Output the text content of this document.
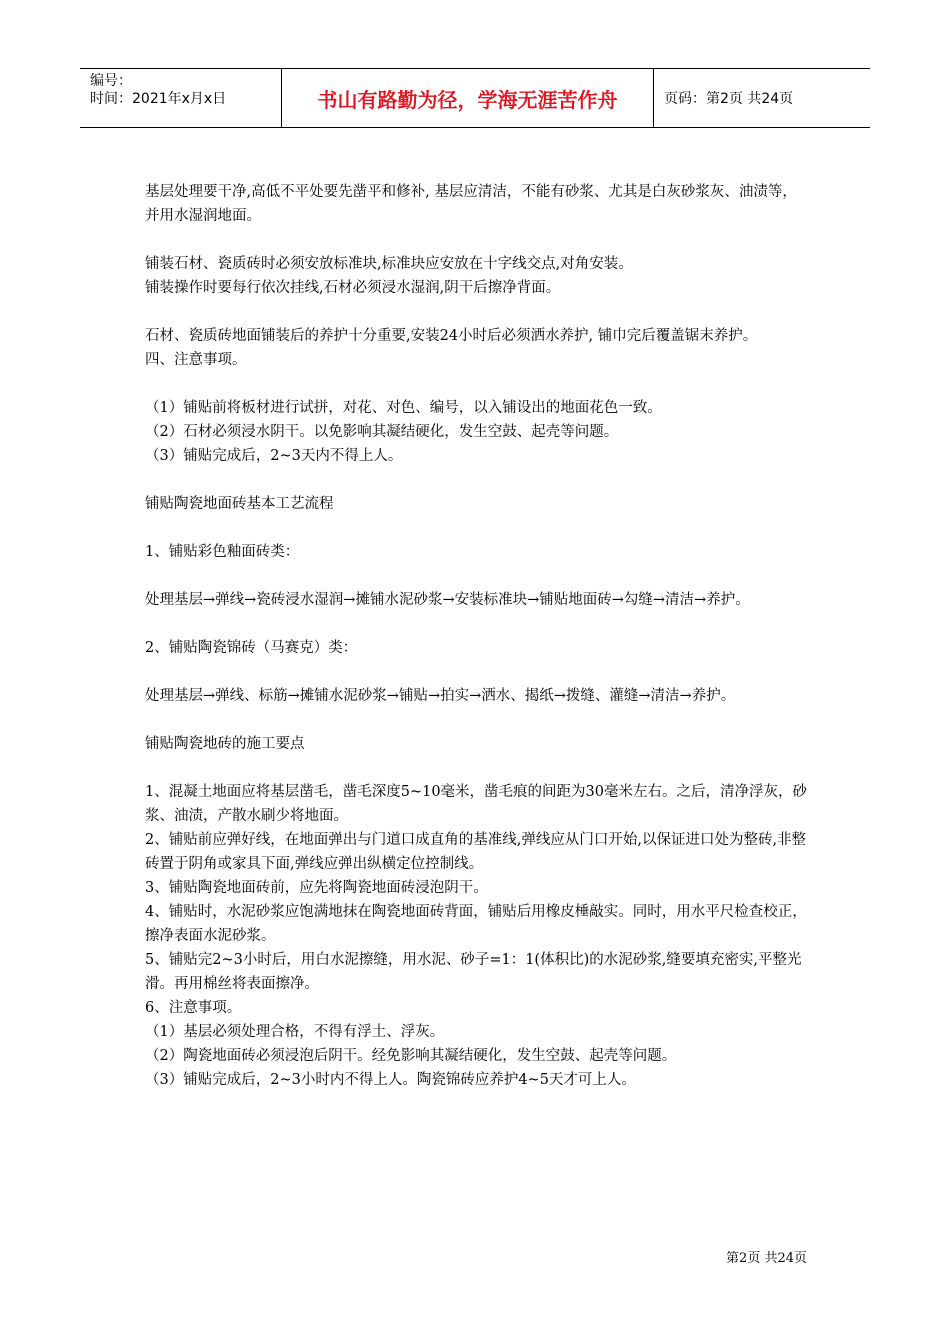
编号：
时间：2021年x月x日	书山有路勤为径，学海无涯苦作舟	页码：第2页 共24页

基层处理要干净,高低不平处要先凿平和修补, 基层应清洁，不能有砂浆、尤其是白灰砂浆灰、油渍等，并用水湿润地面。

铺装石材、瓷质砖时必须安放标准块,标准块应安放在十字线交点,对角安装。

铺装操作时要每行依次挂线,石材必须浸水湿润,阴干后擦净背面。

石材、瓷质砖地面铺装后的养护十分重要,安装24小时后必须洒水养护, 铺巾完后覆盖锯末养护。

四、注意事项。

（1）铺贴前将板材进行试拼，对花、对色、编号，以入铺设出的地面花色一致。

（2）石材必须浸水阴干。以免影响其凝结硬化，发生空鼓、起壳等问题。

（3）铺贴完成后，2~3天内不得上人。

铺贴陶瓷地面砖基本工艺流程

1、铺贴彩色釉面砖类：

处理基层→弹线→瓷砖浸水湿润→摊铺水泥砂浆→安装标准块→铺贴地面砖→勾缝→清洁→养护。

2、铺贴陶瓷锦砖（马赛克）类：

处理基层→弹线、标筋→摊铺水泥砂浆→铺贴→拍实→洒水、揭纸→拨缝、灌缝→清洁→养护。

铺贴陶瓷地砖的施工要点

1、混凝土地面应将基层凿毛，凿毛深度5~10毫米，凿毛痕的间距为30毫米左右。之后，清净浮灰，砂浆、油渍，产散水刷少将地面。

2、铺贴前应弹好线，在地面弹出与门道口成直角的基准线,弹线应从门口开始,以保证进口处为整砖,非整砖置于阴角或家具下面,弹线应弹出纵横定位控制线。

3、铺贴陶瓷地面砖前，应先将陶瓷地面砖浸泡阴干。

4、铺贴时，水泥砂浆应饱满地抹在陶瓷地面砖背面，铺贴后用橡皮棰敲实。同时，用水平尺检查校正，擦净表面水泥砂浆。

5、铺贴完2~3小时后，用白水泥擦缝，用水泥、砂子=1：1(体积比)的水泥砂浆,缝要填充密实,平整光滑。再用棉丝将表面擦净。

6、注意事项。

（1）基层必须处理合格，不得有浮土、浮灰。

（2）陶瓷地面砖必须浸泡后阴干。经免影响其凝结硬化，发生空鼓、起壳等问题。

（3）铺贴完成后，2~3小时内不得上人。陶瓷锦砖应养护4~5天才可上人。

第2页 共24页
